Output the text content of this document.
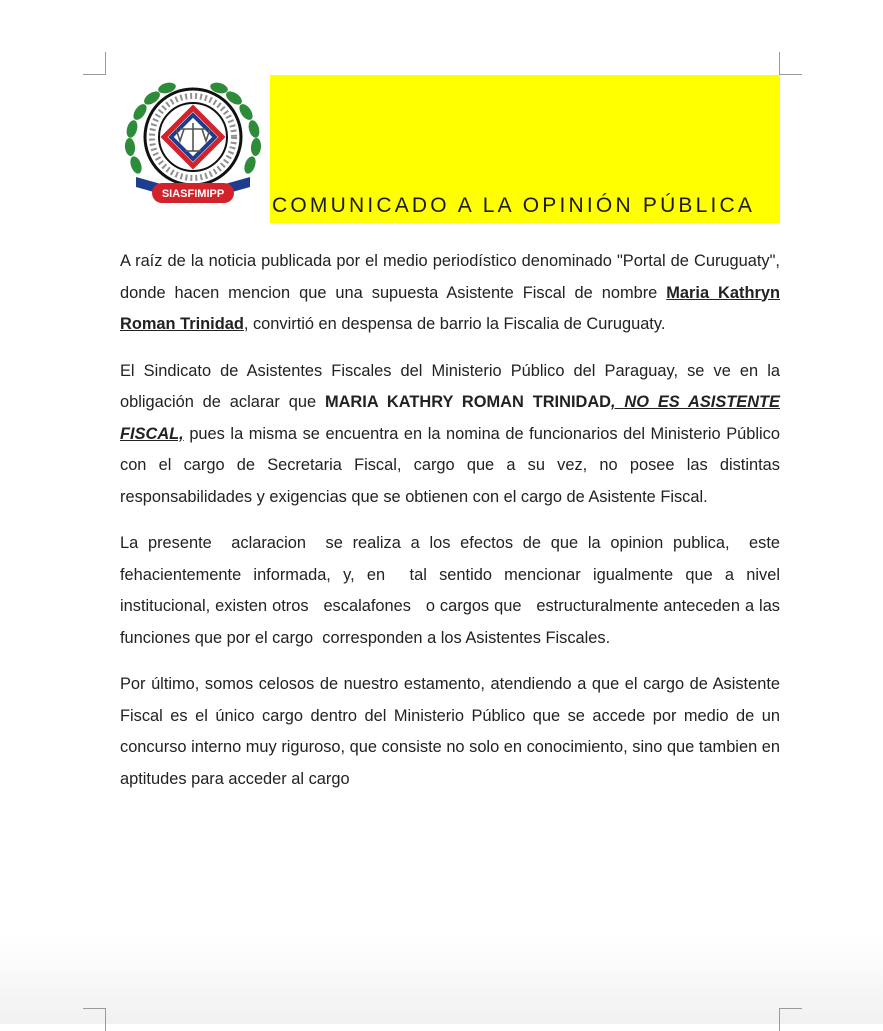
SIASFIMIPP COMUNICADO A LA OPINIÓN PÚBLICA

A raíz de la noticia publicada por el medio periodístico denominado "Portal de Curuguaty", donde hacen mencion que una supuesta Asistente Fiscal de nombre Maria Kathryn Roman Trinidad, convirtió en despensa de barrio la Fiscalia de Curuguaty.

El Sindicato de Asistentes Fiscales del Ministerio Público del Paraguay, se ve en la obligación de aclarar que MARIA KATHRY ROMAN TRINIDAD, NO ES ASISTENTE FISCAL, pues la misma se encuentra en la nomina de funcionarios del Ministerio Público con el cargo de Secretaria Fiscal, cargo que a su vez, no posee las distintas responsabilidades y exigencias que se obtienen con el cargo de Asistente Fiscal.

La presente  aclaracion  se realiza a los efectos de que la opinion publica,  este fehacientemente informada, y, en  tal sentido mencionar igualmente que a nivel institucional, existen otros   escalafones   o cargos que   estructuralmente anteceden a las funciones que por el cargo  corresponden a los Asistentes Fiscales.

Por último, somos celosos de nuestro estamento, atendiendo a que el cargo de Asistente Fiscal es el único cargo dentro del Ministerio Público que se accede por medio de un concurso interno muy riguroso, que consiste no solo en conocimiento, sino que tambien en aptitudes para acceder al cargo
